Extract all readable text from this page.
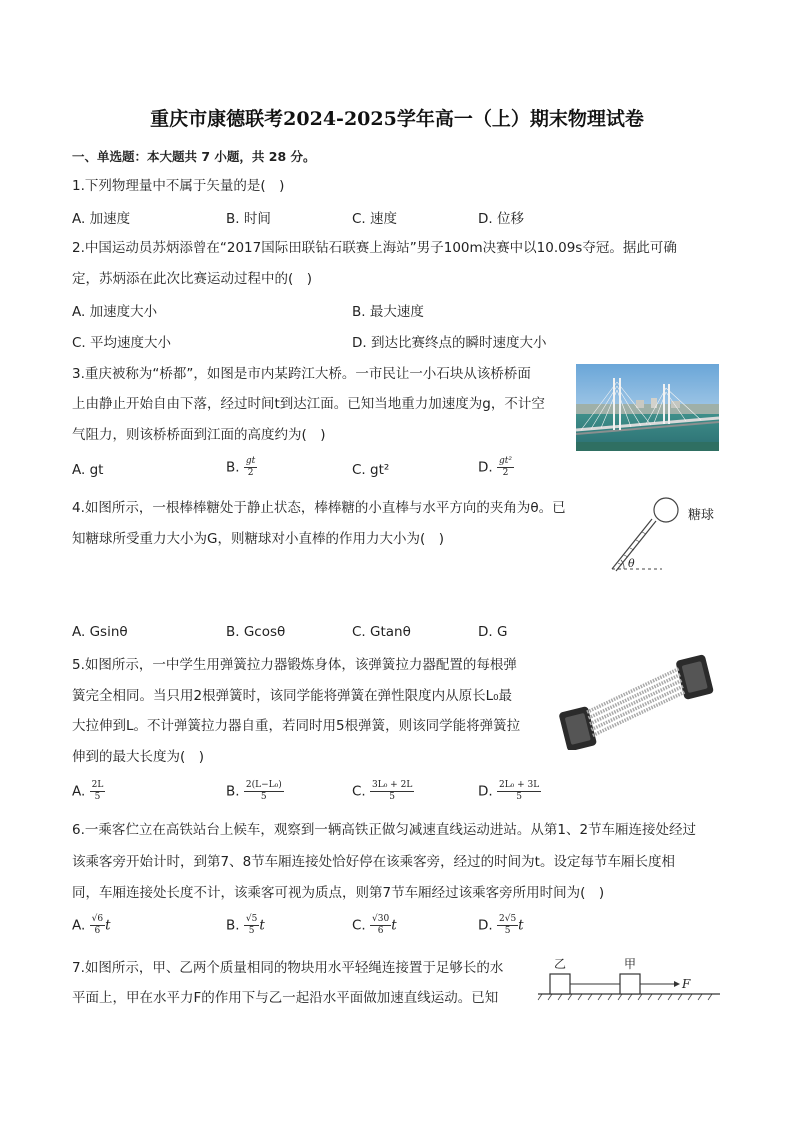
重庆市康德联考2024-2025学年高一（上）期末物理试卷
一、单选题：本大题共 7 小题，共 28 分。
1.下列物理量中不属于矢量的是(　)
A. 加速度	B. 时间	C. 速度	D. 位移
2.中国运动员苏炳添曾在“2017国际田联钻石联赛上海站”男子100m决赛中以10.09s夺冠。据此可确
定，苏炳添在此次比赛运动过程中的(　)
A. 加速度大小	B. 最大速度
C. 平均速度大小	D. 到达比赛终点的瞬时速度大小
3.重庆被称为“桥都”，如图是市内某跨江大桥。一市民让一小石块从该桥桥面
上由静止开始自由下落，经过时间t到达江面。已知当地重力加速度为g，不计空
气阻力，则该桥桥面到江面的高度约为(　)
A. gt	B. $\frac{gt}{2}$	C. gt²	D. $\frac{\text{gt²}}{2}$
4.如图所示，一根棒棒糖处于静止状态，棒棒糖的小直棒与水平方向的夹角为θ。已
知糖球所受重力大小为G，则糖球对小直棒的作用力大小为(　)
θ
糖球
A. Gsinθ	B. Gcosθ	C. Gtanθ	D. G
5.如图所示，一中学生用弹簧拉力器锻炼身体，该弹簧拉力器配置的每根弹
簧完全相同。当只用2根弹簧时，该同学能将弹簧在弹性限度内从原长L₀最
大拉伸到L。不计弹簧拉力器自重，若同时用5根弹簧，则该同学能将弹簧拉
伸到的最大长度为(　)
A. $\frac{2L}{5}$	B. $\frac{\text{2(L−L₀)}}{5}$	C. $\frac{\text{3L₀ + 2L}}{5}$	D. $\frac{\text{2L₀ + 3L}}{5}$
6.一乘客伫立在高铁站台上候车，观察到一辆高铁正做匀减速直线运动进站。从第1、2节车厢连接处经过
该乘客旁开始计时，到第7、8节车厢连接处恰好停在该乘客旁，经过的时间为t。设定每节车厢长度相
同，车厢连接处长度不计，该乘客可视为质点，则第7节车厢经过该乘客旁所用时间为(　)
A. $\frac{√6}{6}$ t	B. $\frac{√5}{5}$ t	C. $\frac{√30}{6}$ t	D. $\frac{2√5}{5}$ t
7.如图所示，甲、乙两个质量相同的物块用水平轻绳连接置于足够长的水
平面上，甲在水平力F的作用下与乙一起沿水平面做加速直线运动。已知
乙	甲
F
